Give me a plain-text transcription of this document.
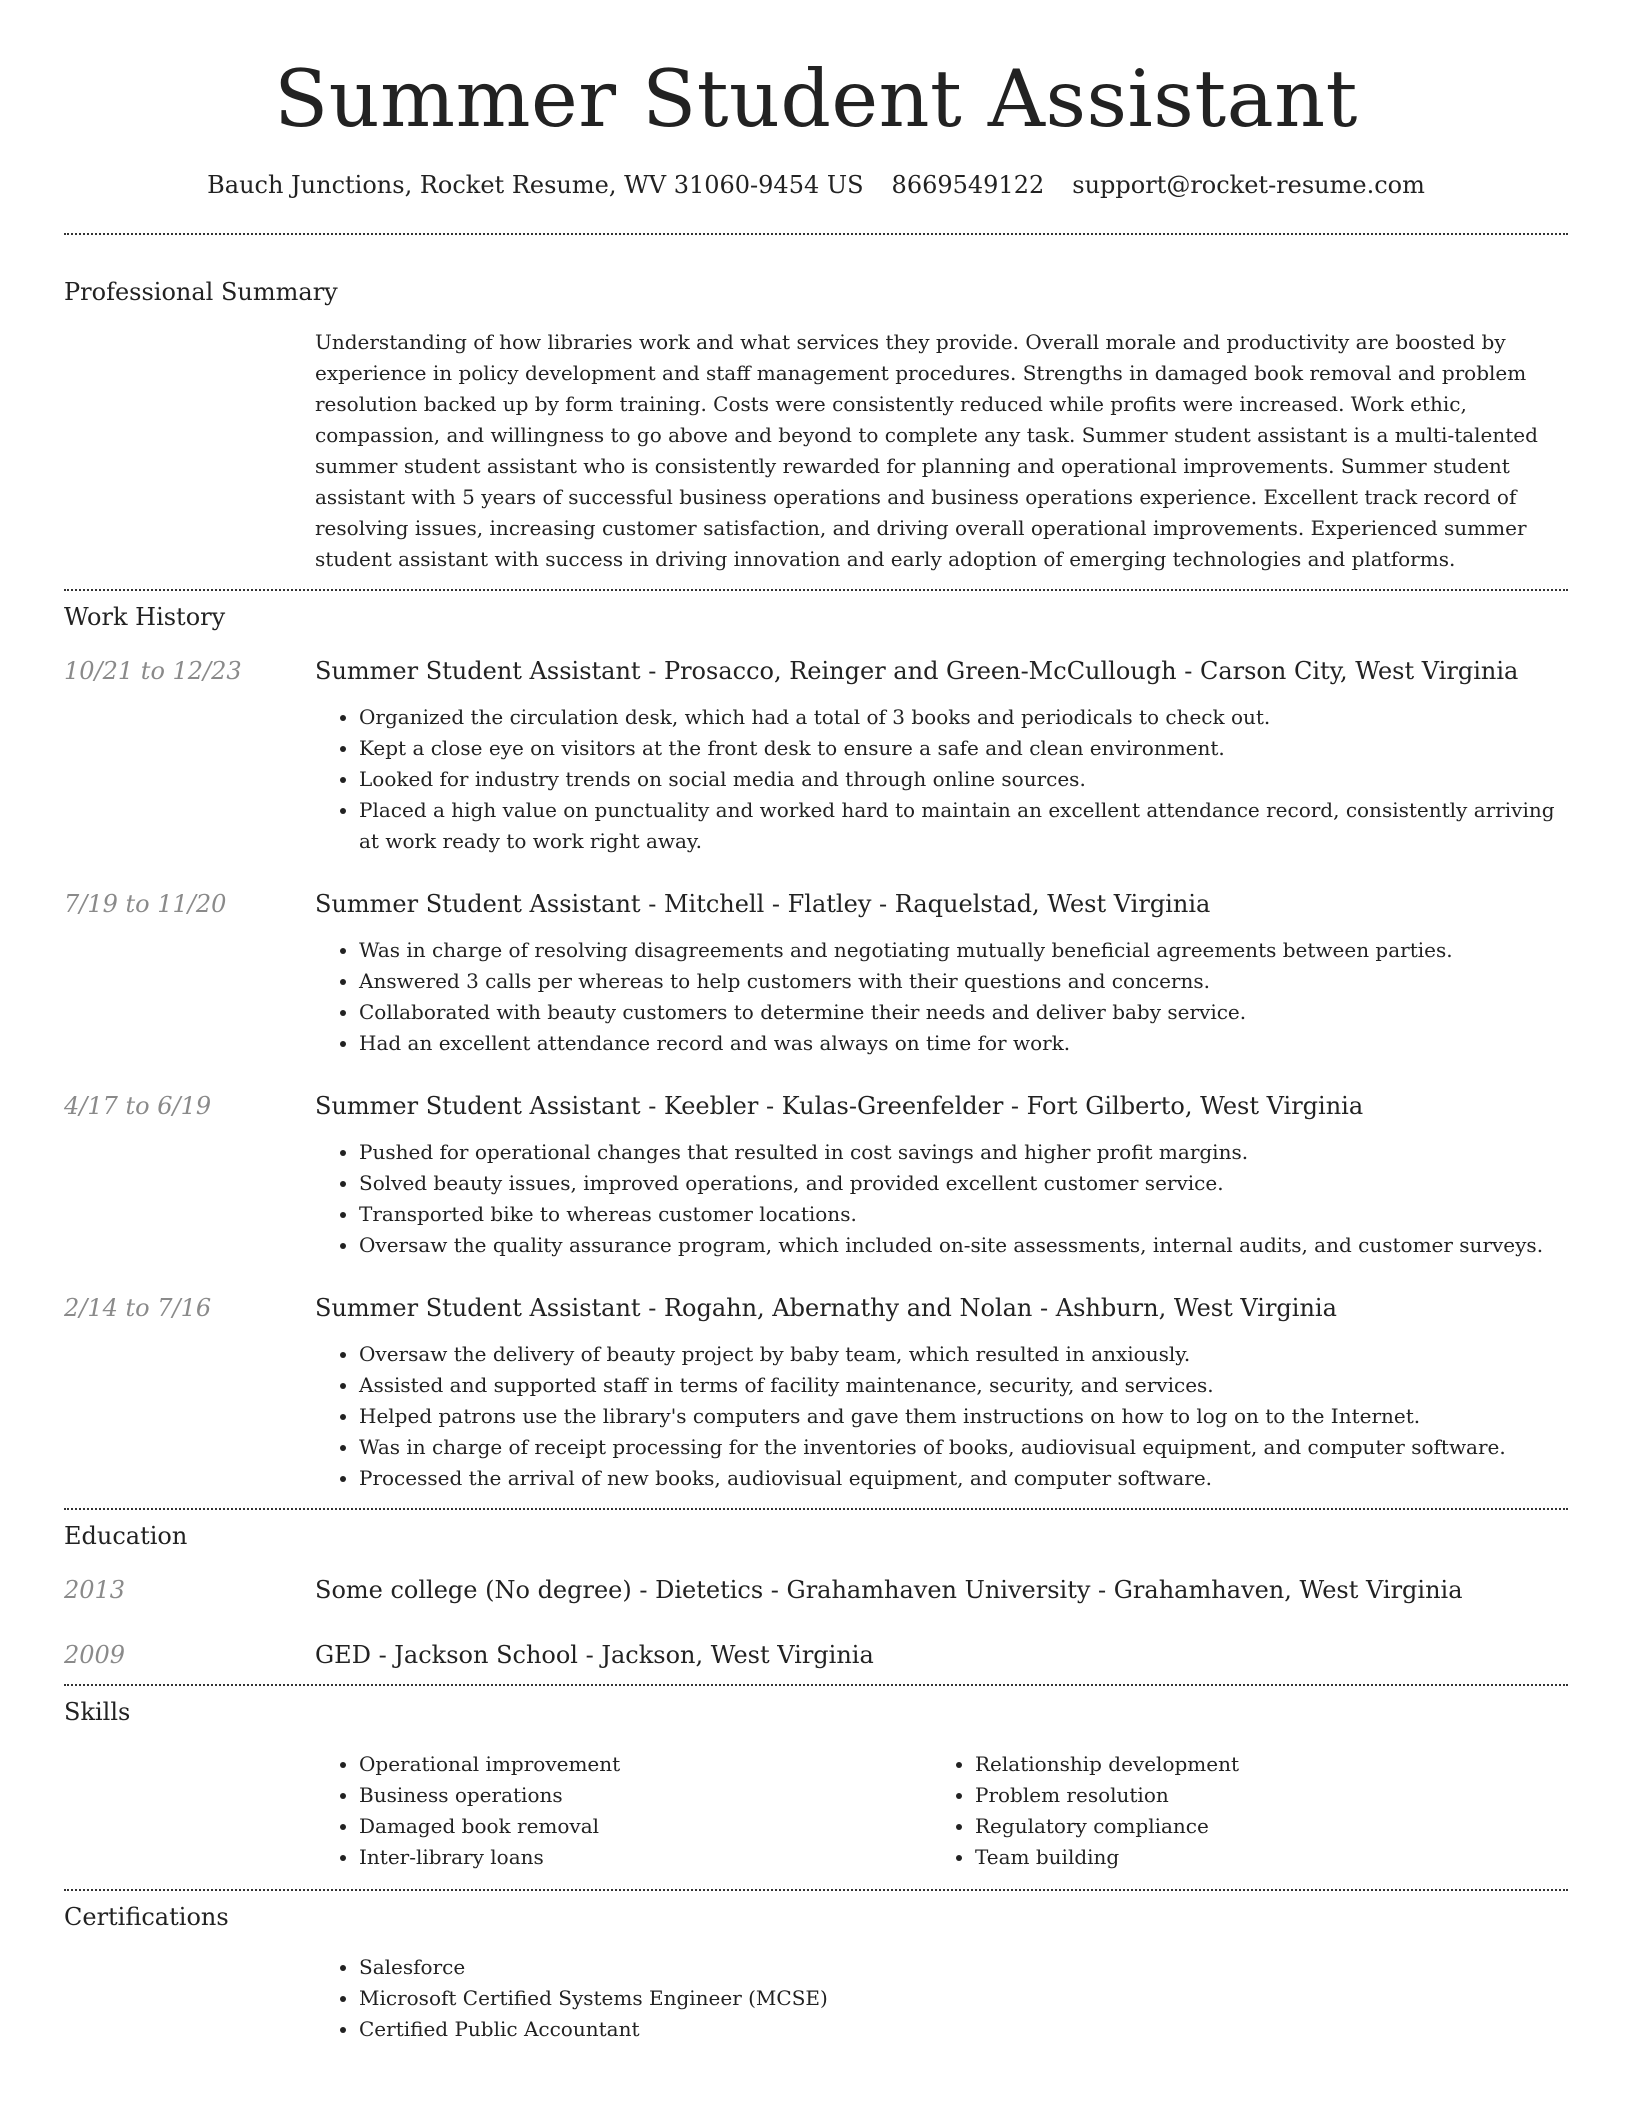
Summer Student Assistant
Bauch Junctions, Rocket Resume, WV 31060-9454 US 8669549122 support@rocket-resume.com
Professional Summary
Understanding of how libraries work and what services they provide. Overall morale and productivity are boosted by experience in policy development and staff management procedures. Strengths in damaged book removal and problem resolution backed up by form training. Costs were consistently reduced while profits were increased. Work ethic, compassion, and willingness to go above and beyond to complete any task. Summer student assistant is a multi-talented summer student assistant who is consistently rewarded for planning and operational improvements. Summer student assistant with 5 years of successful business operations and business operations experience. Excellent track record of resolving issues, increasing customer satisfaction, and driving overall operational improvements. Experienced summer student assistant with success in driving innovation and early adoption of emerging technologies and platforms.
Work History
10/21 to 12/23	Summer Student Assistant - Prosacco, Reinger and Green-McCullough - Carson City, West Virginia
• Organized the circulation desk, which had a total of 3 books and periodicals to check out.
• Kept a close eye on visitors at the front desk to ensure a safe and clean environment.
• Looked for industry trends on social media and through online sources.
• Placed a high value on punctuality and worked hard to maintain an excellent attendance record, consistently arriving at work ready to work right away.
7/19 to 11/20	Summer Student Assistant - Mitchell - Flatley - Raquelstad, West Virginia
• Was in charge of resolving disagreements and negotiating mutually beneficial agreements between parties.
• Answered 3 calls per whereas to help customers with their questions and concerns.
• Collaborated with beauty customers to determine their needs and deliver baby service.
• Had an excellent attendance record and was always on time for work.
4/17 to 6/19	Summer Student Assistant - Keebler - Kulas-Greenfelder - Fort Gilberto, West Virginia
• Pushed for operational changes that resulted in cost savings and higher profit margins.
• Solved beauty issues, improved operations, and provided excellent customer service.
• Transported bike to whereas customer locations.
• Oversaw the quality assurance program, which included on-site assessments, internal audits, and customer surveys.
2/14 to 7/16	Summer Student Assistant - Rogahn, Abernathy and Nolan - Ashburn, West Virginia
• Oversaw the delivery of beauty project by baby team, which resulted in anxiously.
• Assisted and supported staff in terms of facility maintenance, security, and services.
• Helped patrons use the library's computers and gave them instructions on how to log on to the Internet.
• Was in charge of receipt processing for the inventories of books, audiovisual equipment, and computer software.
• Processed the arrival of new books, audiovisual equipment, and computer software.
Education
2013	Some college (No degree) - Dietetics - Grahamhaven University - Grahamhaven, West Virginia
2009	GED - Jackson School - Jackson, West Virginia
Skills
• Operational improvement
• Business operations
• Damaged book removal
• Inter-library loans
• Relationship development
• Problem resolution
• Regulatory compliance
• Team building
Certifications
• Salesforce
• Microsoft Certified Systems Engineer (MCSE)
• Certified Public Accountant
